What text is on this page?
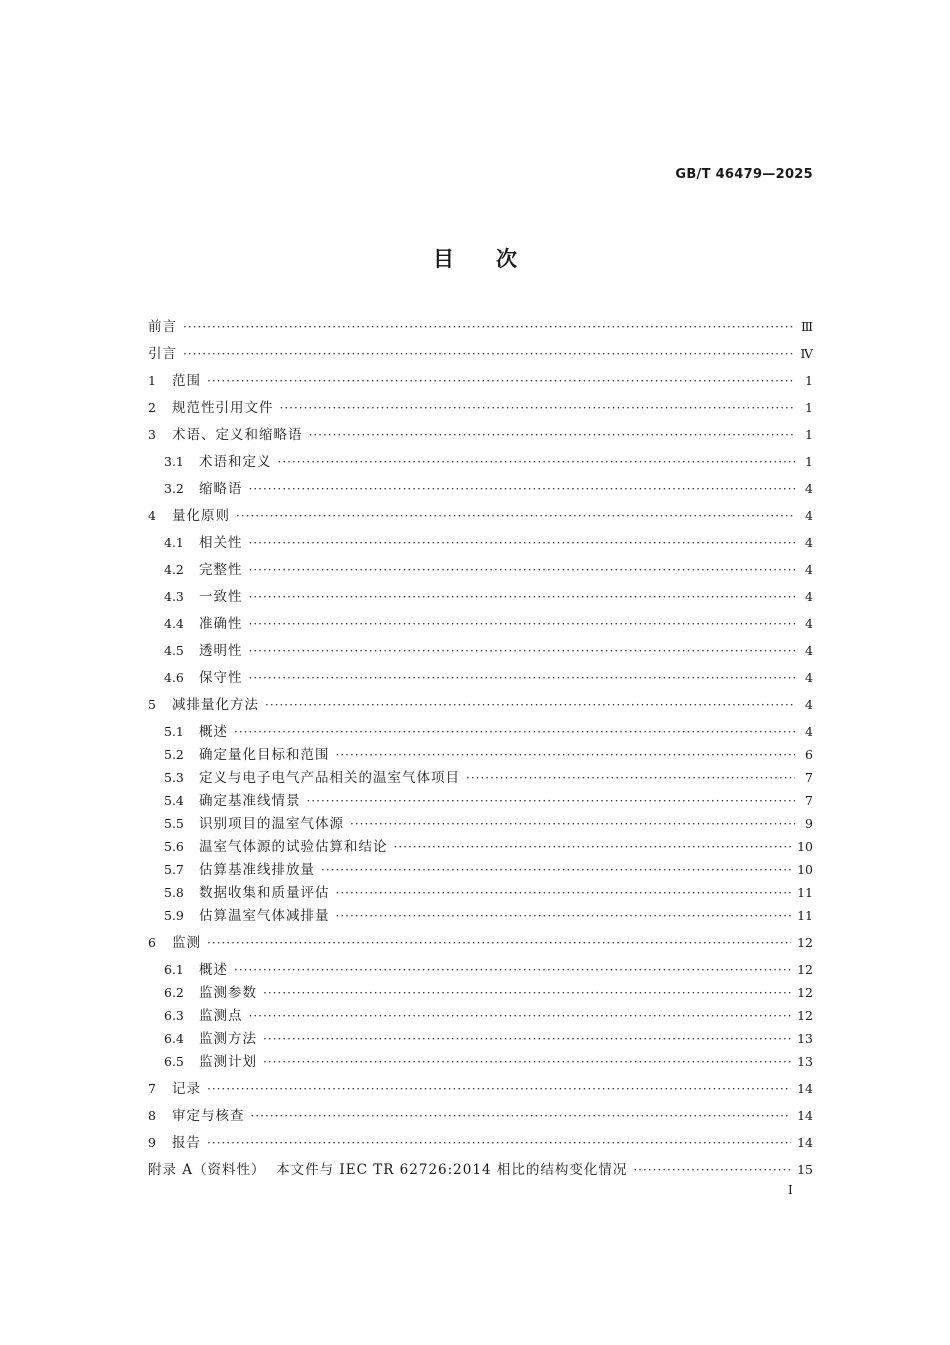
GB/T 46479—2025
目次
前言 ·····	Ⅲ
引言 ·····	Ⅳ
1	范围 ·····	1
2	规范性引用文件 ·····	1
3	术语、定义和缩略语 ·····	1
3.1	术语和定义 ·····	1
3.2	缩略语 ·····	4
4	量化原则 ·····	4
4.1	相关性 ·····	4
4.2	完整性 ·····	4
4.3	一致性 ·····	4
4.4	准确性 ·····	4
4.5	透明性 ·····	4
4.6	保守性 ·····	4
5	减排量化方法 ·····	4
5.1	概述 ·····	4
5.2	确定量化目标和范围 ·····	6
5.3	定义与电子电气产品相关的温室气体项目 ·····	7
5.4	确定基准线情景 ·····	7
5.5	识别项目的温室气体源 ·····	9
5.6	温室气体源的试验估算和结论 ·····	10
5.7	估算基准线排放量 ·····	10
5.8	数据收集和质量评估 ·····	11
5.9	估算温室气体减排量 ·····	11
6	监测 ·····	12
6.1	概述 ·····	12
6.2	监测参数 ·····	12
6.3	监测点 ·····	12
6.4	监测方法 ·····	13
6.5	监测计划 ·····	13
7	记录 ·····	14
8	审定与核查 ·····	14
9	报告 ·····	14
附录 A（资料性）  本文件与 IEC TR 62726:2014 相比的结构变化情况 ·····	15
I
